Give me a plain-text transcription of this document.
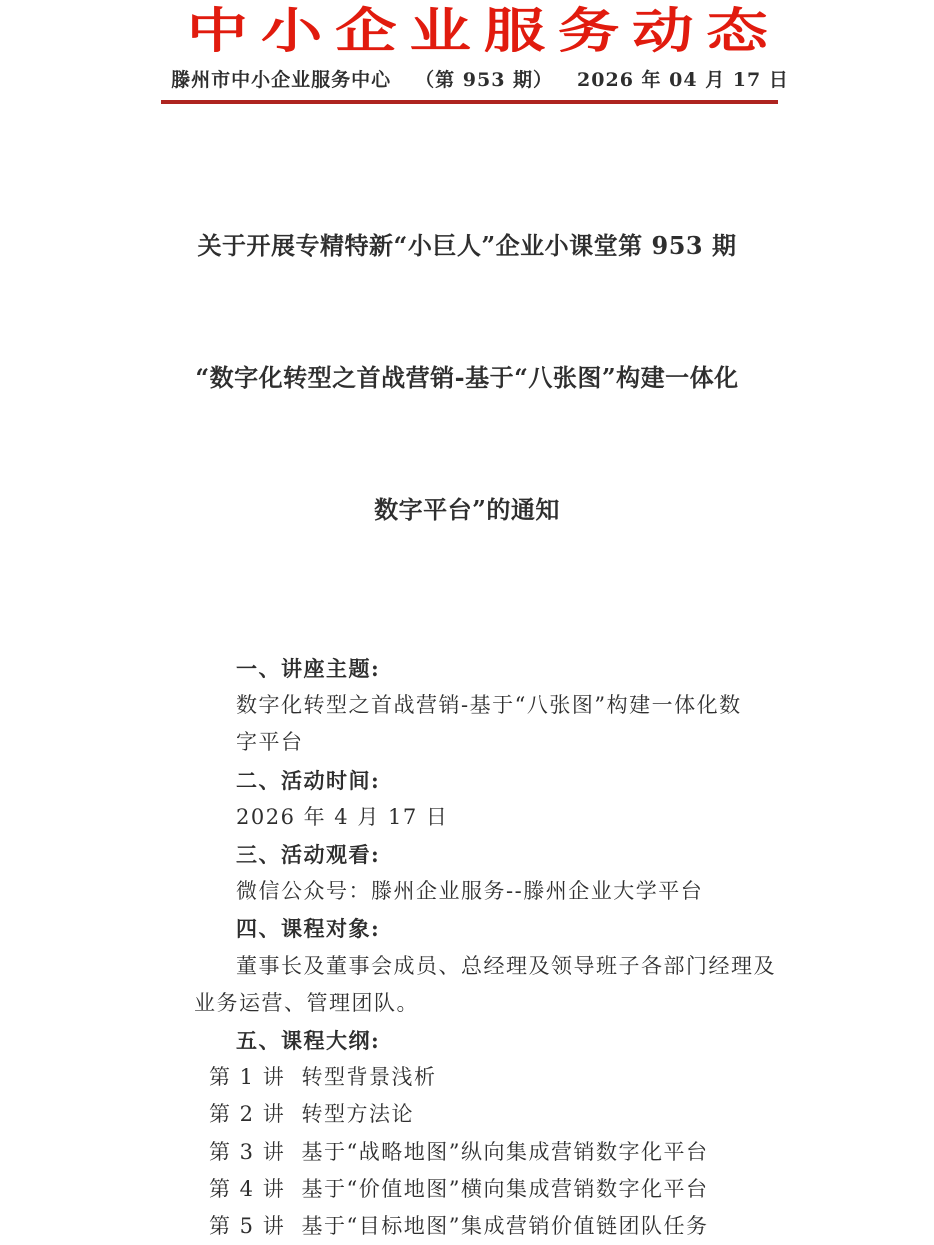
中小企业服务动态
滕州市中小企业服务中心 （第 953 期） 2026 年 04 月 17 日

关于开展专精特新“小巨人”企业小课堂第 953 期

“数字化转型之首战营销-基于“八张图”构建一体化

数字平台”的通知

一、讲座主题:
数字化转型之首战营销-基于“八张图”构建一体化数
字平台
二、活动时间:
2026 年 4 月 17 日
三、活动观看:
微信公众号：滕州企业服务--滕州企业大学平台
四、课程对象:
董事长及董事会成员、总经理及领导班子各部门经理及
业务运营、管理团队。
五、课程大纲:
第 1 讲  转型背景浅析
第 2 讲  转型方法论
第 3 讲  基于“战略地图”纵向集成营销数字化平台
第 4 讲  基于“价值地图”横向集成营销数字化平台
第 5 讲  基于“目标地图”集成营销价值链团队任务
